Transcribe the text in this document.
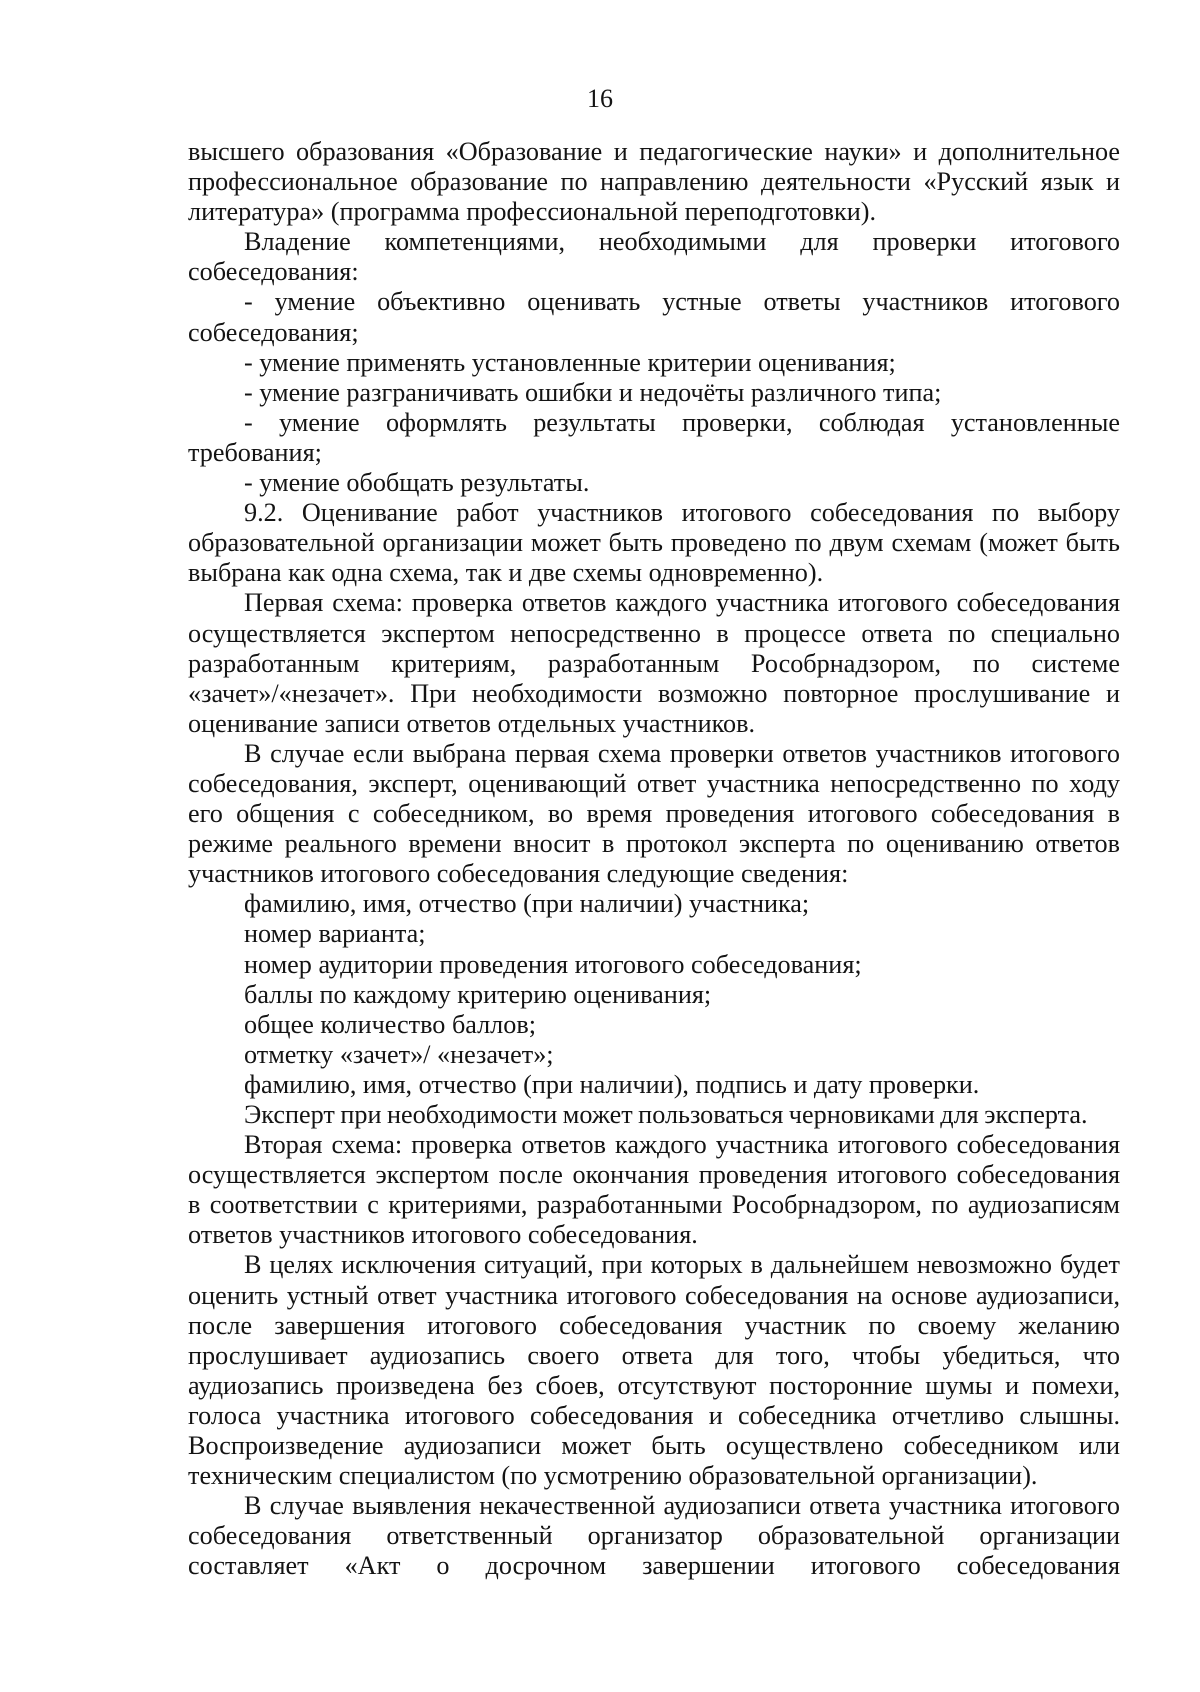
16

высшего образования «Образование и педагогические науки» и дополнительное профессиональное образование по направлению деятельности «Русский язык и литература» (программа профессиональной переподготовки).

Владение компетенциями, необходимыми для проверки итогового собеседования:

- умение объективно оценивать устные ответы участников итогового собеседования;

- умение применять установленные критерии оценивания;

- умение разграничивать ошибки и недочёты различного типа;

- умение оформлять результаты проверки, соблюдая установленные требования;

- умение обобщать результаты.

9.2. Оценивание работ участников итогового собеседования по выбору образовательной организации может быть проведено по двум схемам (может быть выбрана как одна схема, так и две схемы одновременно).

Первая схема: проверка ответов каждого участника итогового собеседования осуществляется экспертом непосредственно в процессе ответа по специально разработанным критериям, разработанным Рособрнадзором, по системе «зачет»/«незачет». При необходимости возможно повторное прослушивание и оценивание записи ответов отдельных участников.

В случае если выбрана первая схема проверки ответов участников итогового собеседования, эксперт, оценивающий ответ участника непосредственно по ходу его общения с собеседником, во время проведения итогового собеседования в режиме реального времени вносит в протокол эксперта по оцениванию ответов участников итогового собеседования следующие сведения:

фамилию, имя, отчество (при наличии) участника;

номер варианта;

номер аудитории проведения итогового собеседования;

баллы по каждому критерию оценивания;

общее количество баллов;

отметку «зачет»/ «незачет»;

фамилию, имя, отчество (при наличии), подпись и дату проверки.

Эксперт при необходимости может пользоваться черновиками для эксперта.

Вторая схема: проверка ответов каждого участника итогового собеседования осуществляется экспертом после окончания проведения итогового собеседования в соответствии с критериями, разработанными Рособрнадзором, по аудиозаписям ответов участников итогового собеседования.

В целях исключения ситуаций, при которых в дальнейшем невозможно будет оценить устный ответ участника итогового собеседования на основе аудиозаписи, после завершения итогового собеседования участник по своему желанию прослушивает аудиозапись своего ответа для того, чтобы убедиться, что аудиозапись произведена без сбоев, отсутствуют посторонние шумы и помехи, голоса участника итогового собеседования и собеседника отчетливо слышны. Воспроизведение аудиозаписи может быть осуществлено собеседником или техническим специалистом (по усмотрению образовательной организации).

В случае выявления некачественной аудиозаписи ответа участника итогового собеседования ответственный организатор образовательной организации составляет «Акт о досрочном завершении итогового собеседования
